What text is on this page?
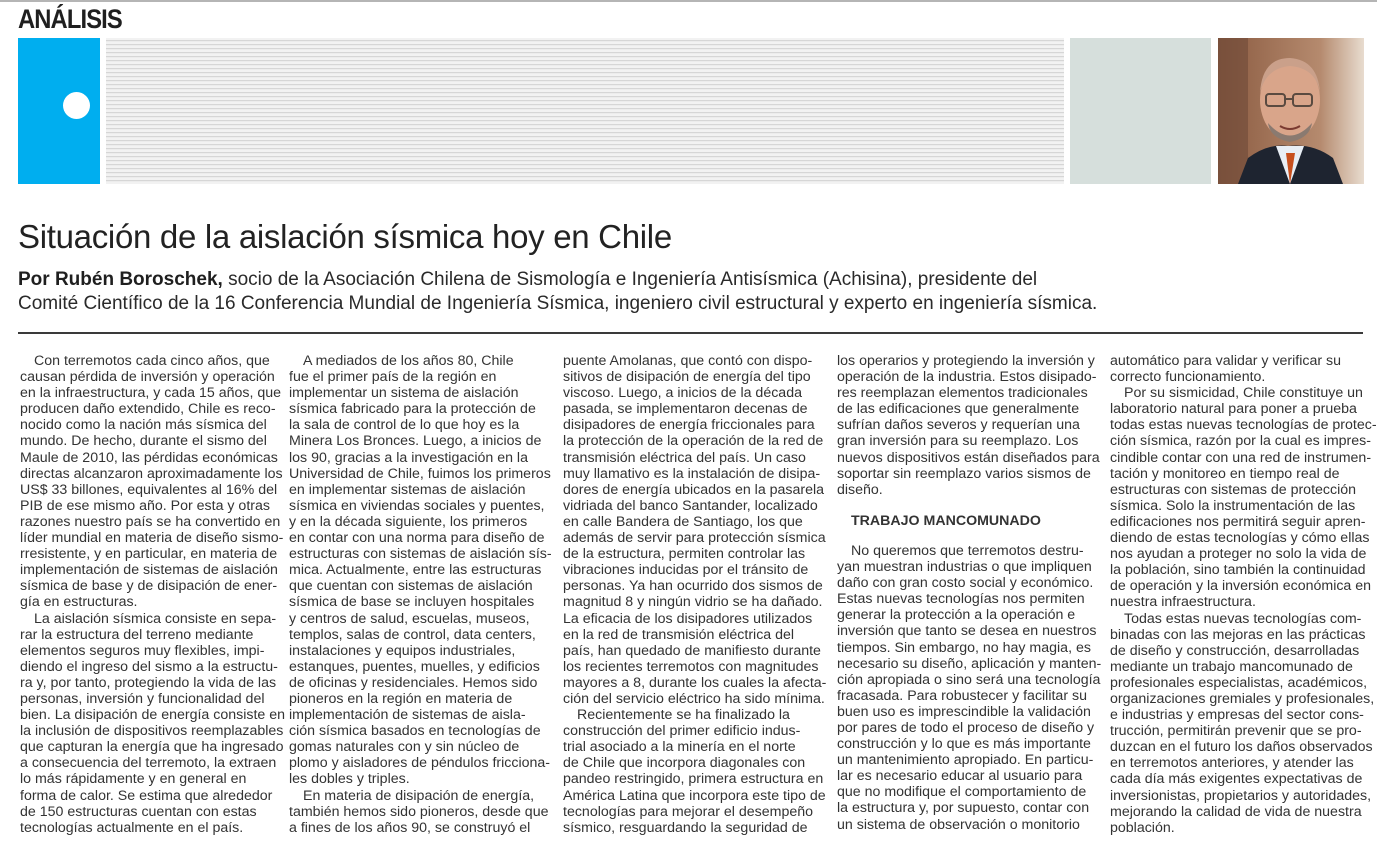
ANÁLISIS
Situación de la aislación sísmica hoy en Chile
Por Rubén Boroschek, socio de la Asociación Chilena de Sismología e Ingeniería Antisísmica (Achisina), presidente del
Comité Científico de la 16 Conferencia Mundial de Ingeniería Sísmica, ingeniero civil estructural y experto en ingeniería sísmica.
Con terremotos cada cinco años, que
causan pérdida de inversión y operación
en la infraestructura, y cada 15 años, que
producen daño extendido, Chile es reco-
nocido como la nación más sísmica del
mundo. De hecho, durante el sismo del
Maule de 2010, las pérdidas económicas
directas alcanzaron aproximadamente los
US$ 33 billones, equivalentes al 16% del
PIB de ese mismo año. Por esta y otras
razones nuestro país se ha convertido en
líder mundial en materia de diseño sismo-
rresistente, y en particular, en materia de
implementación de sistemas de aislación
sísmica de base y de disipación de ener-
gía en estructuras.
La aislación sísmica consiste en sepa-
rar la estructura del terreno mediante
elementos seguros muy flexibles, impi-
diendo el ingreso del sismo a la estructu-
ra y, por tanto, protegiendo la vida de las
personas, inversión y funcionalidad del
bien. La disipación de energía consiste en
la inclusión de dispositivos reemplazables
que capturan la energía que ha ingresado
a consecuencia del terremoto, la extraen
lo más rápidamente y en general en
forma de calor. Se estima que alrededor
de 150 estructuras cuentan con estas
tecnologías actualmente en el país.
A mediados de los años 80, Chile
fue el primer país de la región en
implementar un sistema de aislación
sísmica fabricado para la protección de
la sala de control de lo que hoy es la
Minera Los Bronces. Luego, a inicios de
los 90, gracias a la investigación en la
Universidad de Chile, fuimos los primeros
en implementar sistemas de aislación
sísmica en viviendas sociales y puentes,
y en la década siguiente, los primeros
en contar con una norma para diseño de
estructuras con sistemas de aislación sís-
mica. Actualmente, entre las estructuras
que cuentan con sistemas de aislación
sísmica de base se incluyen hospitales
y centros de salud, escuelas, museos,
templos, salas de control, data centers,
instalaciones y equipos industriales,
estanques, puentes, muelles, y edificios
de oficinas y residenciales. Hemos sido
pioneros en la región en materia de
implementación de sistemas de aisla-
ción sísmica basados en tecnologías de
gomas naturales con y sin núcleo de
plomo y aisladores de péndulos fricciona-
les dobles y triples.
En materia de disipación de energía,
también hemos sido pioneros, desde que
a fines de los años 90, se construyó el
puente Amolanas, que contó con dispo-
sitivos de disipación de energía del tipo
viscoso. Luego, a inicios de la década
pasada, se implementaron decenas de
disipadores de energía friccionales para
la protección de la operación de la red de
transmisión eléctrica del país. Un caso
muy llamativo es la instalación de disipa-
dores de energía ubicados en la pasarela
vidriada del banco Santander, localizado
en calle Bandera de Santiago, los que
además de servir para protección sísmica
de la estructura, permiten controlar las
vibraciones inducidas por el tránsito de
personas. Ya han ocurrido dos sismos de
magnitud 8 y ningún vidrio se ha dañado.
La eficacia de los disipadores utilizados
en la red de transmisión eléctrica del
país, han quedado de manifiesto durante
los recientes terremotos con magnitudes
mayores a 8, durante los cuales la afecta-
ción del servicio eléctrico ha sido mínima.
Recientemente se ha finalizado la
construcción del primer edificio indus-
trial asociado a la minería en el norte
de Chile que incorpora diagonales con
pandeo restringido, primera estructura en
América Latina que incorpora este tipo de
tecnologías para mejorar el desempeño
sísmico, resguardando la seguridad de
los operarios y protegiendo la inversión y
operación de la industria. Estos disipado-
res reemplazan elementos tradicionales
de las edificaciones que generalmente
sufrían daños severos y requerían una
gran inversión para su reemplazo. Los
nuevos dispositivos están diseñados para
soportar sin reemplazo varios sismos de
diseño.
TRABAJO MANCOMUNADO
No queremos que terremotos destru-
yan muestran industrias o que impliquen
daño con gran costo social y económico.
Estas nuevas tecnologías nos permiten
generar la protección a la operación e
inversión que tanto se desea en nuestros
tiempos. Sin embargo, no hay magia, es
necesario su diseño, aplicación y manten-
ción apropiada o sino será una tecnología
fracasada. Para robustecer y facilitar su
buen uso es imprescindible la validación
por pares de todo el proceso de diseño y
construcción y lo que es más importante
un mantenimiento apropiado. En particu-
lar es necesario educar al usuario para
que no modifique el comportamiento de
la estructura y, por supuesto, contar con
un sistema de observación o monitorio
automático para validar y verificar su
correcto funcionamiento.
Por su sismicidad, Chile constituye un
laboratorio natural para poner a prueba
todas estas nuevas tecnologías de protec-
ción sísmica, razón por la cual es impres-
cindible contar con una red de instrumen-
tación y monitoreo en tiempo real de
estructuras con sistemas de protección
sísmica. Solo la instrumentación de las
edificaciones nos permitirá seguir apren-
diendo de estas tecnologías y cómo ellas
nos ayudan a proteger no solo la vida de
la población, sino también la continuidad
de operación y la inversión económica en
nuestra infraestructura.
Todas estas nuevas tecnologías com-
binadas con las mejoras en las prácticas
de diseño y construcción, desarrolladas
mediante un trabajo mancomunado de
profesionales especialistas, académicos,
organizaciones gremiales y profesionales,
e industrias y empresas del sector cons-
trucción, permitirán prevenir que se pro-
duzcan en el futuro los daños observados
en terremotos anteriores, y atender las
cada día más exigentes expectativas de
inversionistas, propietarios y autoridades,
mejorando la calidad de vida de nuestra
población.
